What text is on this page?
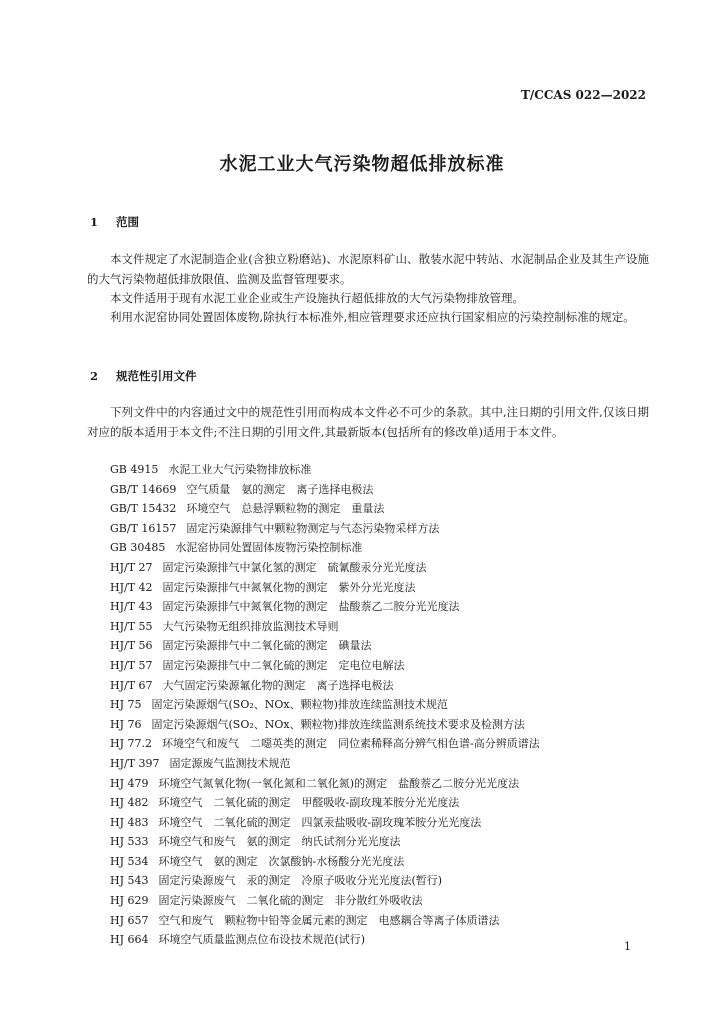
T/CCAS 022—2022
水泥工业大气污染物超低排放标准
1 范围
本文件规定了水泥制造企业(含独立粉磨站)、水泥原料矿山、散装水泥中转站、水泥制品企业及其生产设施的大气污染物超低排放限值、监测及监督管理要求。
本文件适用于现有水泥工业企业或生产设施执行超低排放的大气污染物排放管理。
利用水泥窑协同处置固体废物,除执行本标准外,相应管理要求还应执行国家相应的污染控制标准的规定。
2 规范性引用文件
下列文件中的内容通过文中的规范性引用而构成本文件必不可少的条款。其中,注日期的引用文件,仅该日期对应的版本适用于本文件;不注日期的引用文件,其最新版本(包括所有的修改单)适用于本文件。
GB 4915 水泥工业大气污染物排放标准
GB/T 14669 空气质量　氨的测定　离子选择电极法
GB/T 15432 环境空气　总悬浮颗粒物的测定　重量法
GB/T 16157 固定污染源排气中颗粒物测定与气态污染物采样方法
GB 30485 水泥窑协同处置固体废物污染控制标准
HJ/T 27 固定污染源排气中氯化氢的测定　硫氰酸汞分光光度法
HJ/T 42 固定污染源排气中氮氧化物的测定　紫外分光光度法
HJ/T 43 固定污染源排气中氮氧化物的测定　盐酸萘乙二胺分光光度法
HJ/T 55 大气污染物无组织排放监测技术导则
HJ/T 56 固定污染源排气中二氧化硫的测定　碘量法
HJ/T 57 固定污染源排气中二氧化硫的测定　定电位电解法
HJ/T 67 大气固定污染源氟化物的测定　离子选择电极法
HJ 75 固定污染源烟气(SO₂、NOx、颗粒物)排放连续监测技术规范
HJ 76 固定污染源烟气(SO₂、NOx、颗粒物)排放连续监测系统技术要求及检测方法
HJ 77.2 环境空气和废气　二噁英类的测定　同位素稀释高分辨气相色谱-高分辨质谱法
HJ/T 397 固定源废气监测技术规范
HJ 479 环境空气氮氧化物(一氧化氮和二氧化氮)的测定　盐酸萘乙二胺分光光度法
HJ 482 环境空气　二氧化硫的测定　甲醛吸收-副玫瑰苯胺分光光度法
HJ 483 环境空气　二氧化硫的测定　四氯汞盐吸收-副玫瑰苯胺分光光度法
HJ 533 环境空气和废气　氨的测定　纳氏试剂分光光度法
HJ 534 环境空气　氨的测定　次氯酸钠-水杨酸分光光度法
HJ 543 固定污染源废气　汞的测定　冷原子吸收分光光度法(暂行)
HJ 629 固定污染源废气　二氧化硫的测定　非分散红外吸收法
HJ 657 空气和废气　颗粒物中铅等金属元素的测定　电感耦合等离子体质谱法
HJ 664 环境空气质量监测点位布设技术规范(试行)
1
